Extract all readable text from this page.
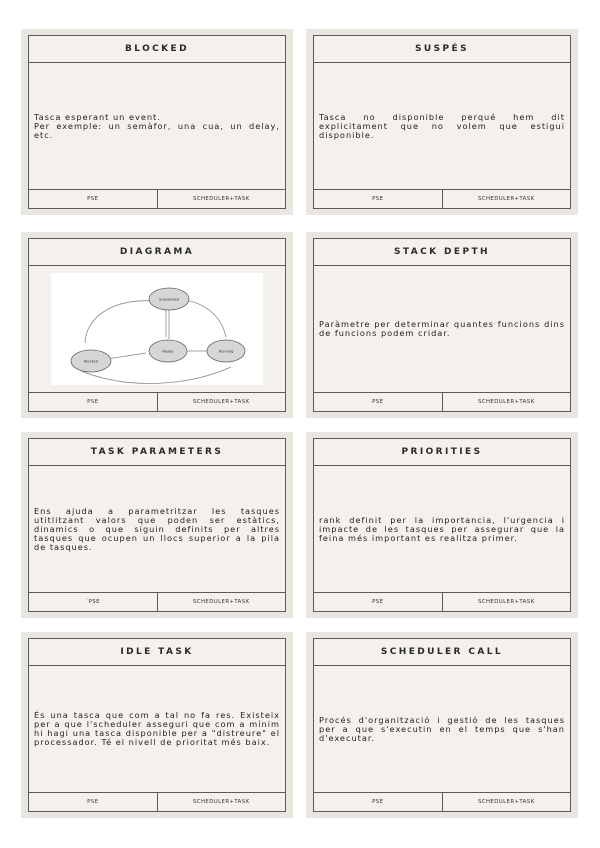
BLOCKED
Tasca esperant un event.
Per exemple: un semàfor, una cua, un delay, etc.
PSE	SCHEDULER+TASK
SUSPÉS
Tasca no disponible perqué hem dit explicitament que no volem que estigui disponible.
PSE	SCHEDULER+TASK
DIAGRAMA
Suspended
Ready	Running
Blocked
PSE	SCHEDULER+TASK
STACK DEPTH
Paràmetre per determinar quantes funcions dins de funcions podem cridar.
PSE	SCHEDULER+TASK
TASK PARAMETERS
Ens ajuda a parametritzar les tasques utitlitzant valors que poden ser estàtics, dinamics o que siguin definits per altres tasques que ocupen un llocs superior a la pila de tasques.
`PSE	SCHEDULER+TASK
PRIORITIES
rank definit per la importancia, l'urgencia i impacte de les tasques per assegurar que la feina més important es realitza primer.
PSE	SCHEDULER+TASK
IDLE TASK
És una tasca que com a tal no fa res. Existeix per a que l'scheduler asseguri que com a mínim hi hagi una tasca disponible per a "distreure" el processador. Té el nivell de prioritat més baix.
PSE	SCHEDULER+TASK
SCHEDULER CALL
Procés d'organització i gestió de les tasques per a que s'executin en el temps que s'han d'executar.
PSE	SCHEDULER+TASK
